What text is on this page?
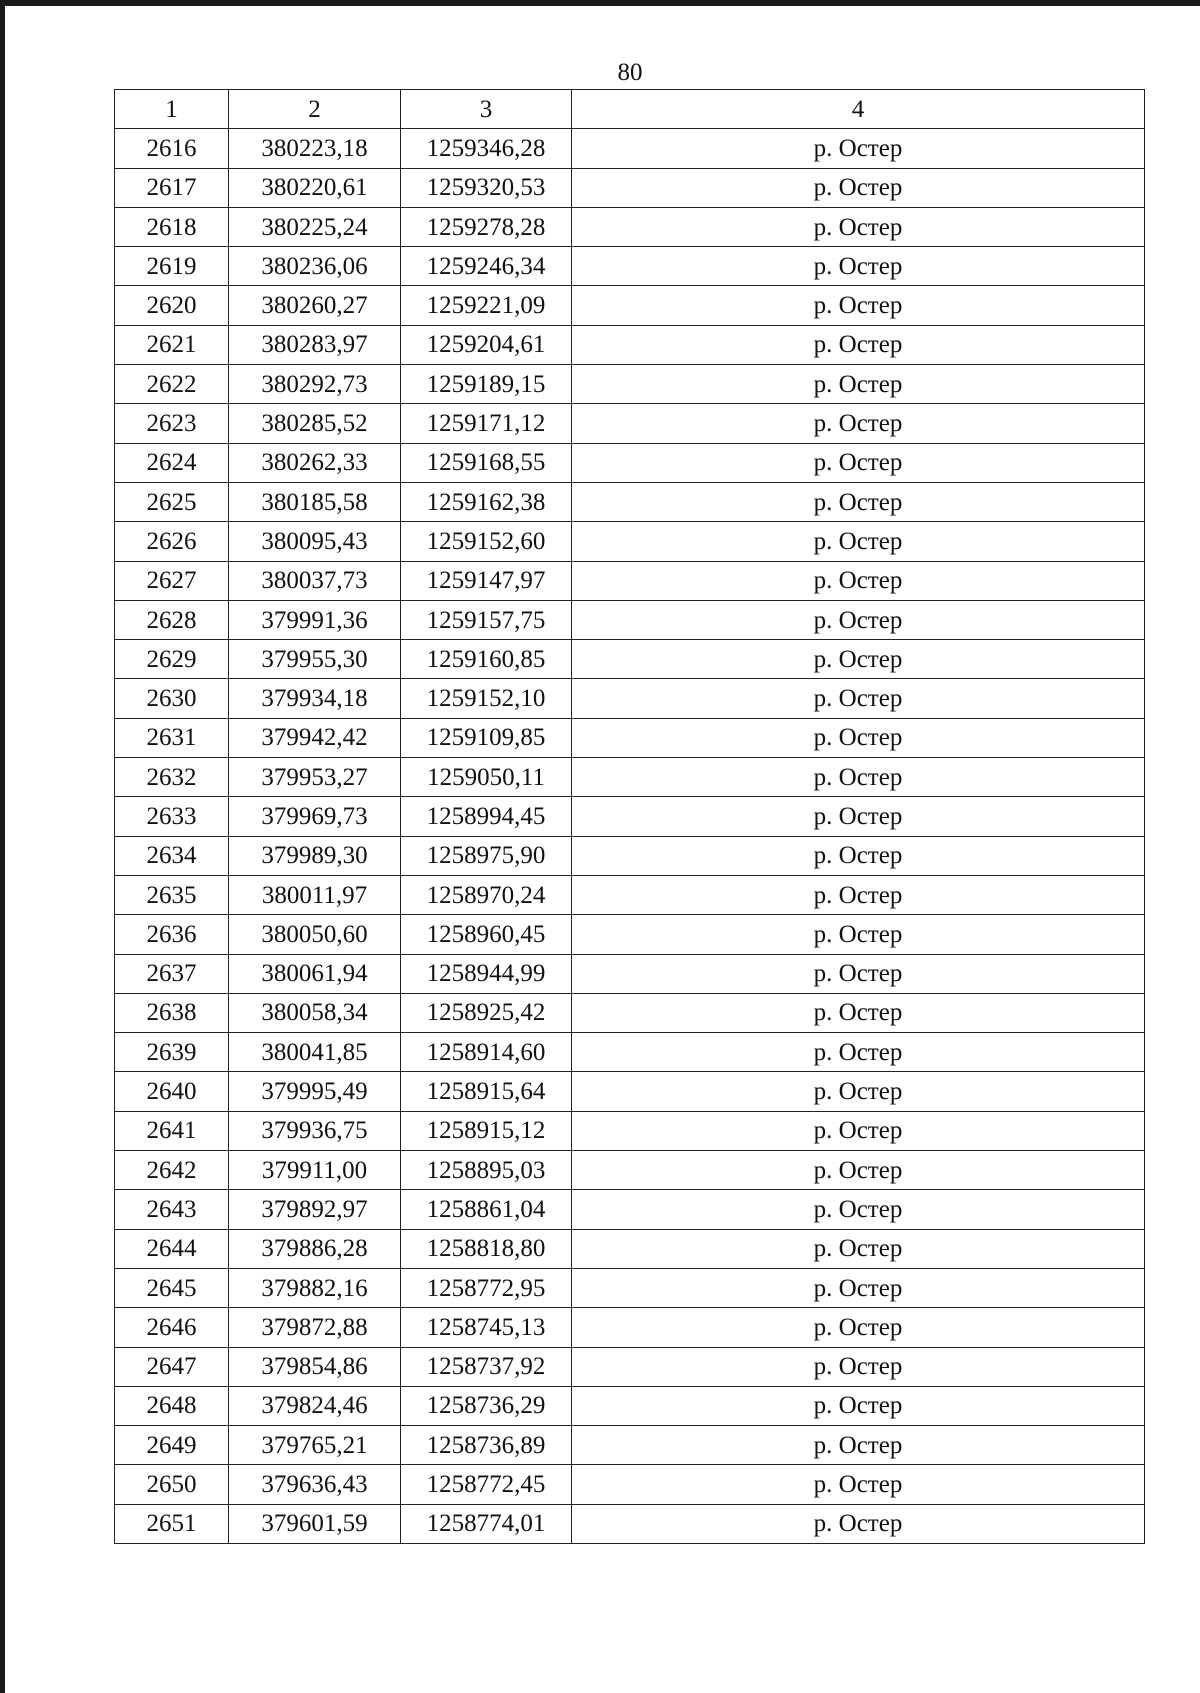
80
1	2	3	4
2616	380223,18	1259346,28	р. Остер
2617	380220,61	1259320,53	р. Остер
2618	380225,24	1259278,28	р. Остер
2619	380236,06	1259246,34	р. Остер
2620	380260,27	1259221,09	р. Остер
2621	380283,97	1259204,61	р. Остер
2622	380292,73	1259189,15	р. Остер
2623	380285,52	1259171,12	р. Остер
2624	380262,33	1259168,55	р. Остер
2625	380185,58	1259162,38	р. Остер
2626	380095,43	1259152,60	р. Остер
2627	380037,73	1259147,97	р. Остер
2628	379991,36	1259157,75	р. Остер
2629	379955,30	1259160,85	р. Остер
2630	379934,18	1259152,10	р. Остер
2631	379942,42	1259109,85	р. Остер
2632	379953,27	1259050,11	р. Остер
2633	379969,73	1258994,45	р. Остер
2634	379989,30	1258975,90	р. Остер
2635	380011,97	1258970,24	р. Остер
2636	380050,60	1258960,45	р. Остер
2637	380061,94	1258944,99	р. Остер
2638	380058,34	1258925,42	р. Остер
2639	380041,85	1258914,60	р. Остер
2640	379995,49	1258915,64	р. Остер
2641	379936,75	1258915,12	р. Остер
2642	379911,00	1258895,03	р. Остер
2643	379892,97	1258861,04	р. Остер
2644	379886,28	1258818,80	р. Остер
2645	379882,16	1258772,95	р. Остер
2646	379872,88	1258745,13	р. Остер
2647	379854,86	1258737,92	р. Остер
2648	379824,46	1258736,29	р. Остер
2649	379765,21	1258736,89	р. Остер
2650	379636,43	1258772,45	р. Остер
2651	379601,59	1258774,01	р. Остер
